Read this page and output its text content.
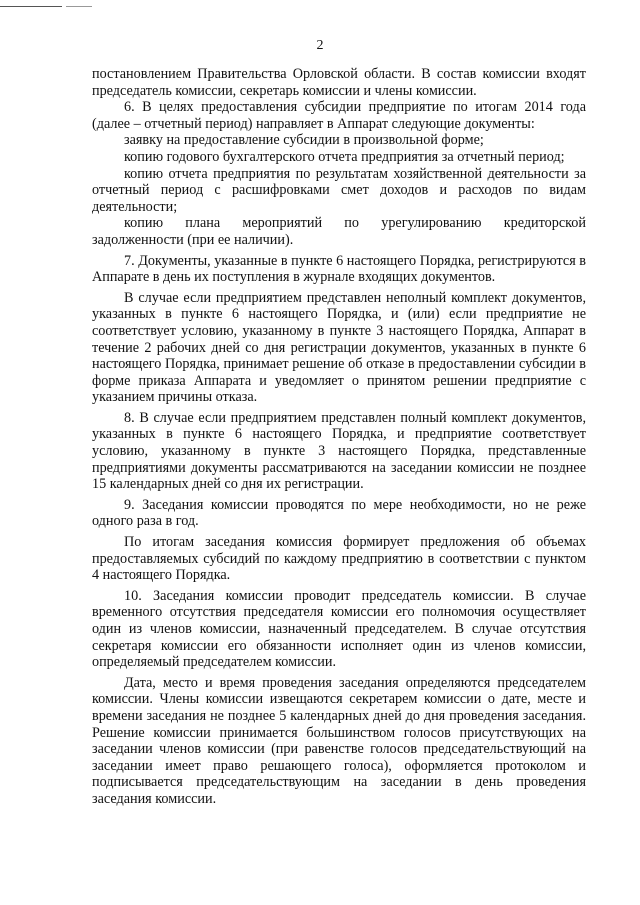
2

постановлением Правительства Орловской области. В состав комиссии входят председатель комиссии, секретарь комиссии и члены комиссии.

6. В целях предоставления субсидии предприятие по итогам 2014 года (далее – отчетный период) направляет в Аппарат следующие документы:

заявку на предоставление субсидии в произвольной форме;

копию годового бухгалтерского отчета предприятия за отчетный период;

копию отчета предприятия по результатам хозяйственной деятельности за отчетный период с расшифровками смет доходов и расходов по видам деятельности;

копию плана мероприятий по урегулированию кредиторской задолженности (при ее наличии).

7. Документы, указанные в пункте 6 настоящего Порядка, регистрируются в Аппарате в день их поступления в журнале входящих документов.

В случае если предприятием представлен неполный комплект документов, указанных в пункте 6 настоящего Порядка, и (или) если предприятие не соответствует условию, указанному в пункте 3 настоящего Порядка, Аппарат в течение 2 рабочих дней со дня регистрации документов, указанных в пункте 6 настоящего Порядка, принимает решение об отказе в предоставлении субсидии в форме приказа Аппарата и уведомляет о принятом решении предприятие с указанием причины отказа.

8. В случае если предприятием представлен полный комплект документов, указанных в пункте 6 настоящего Порядка, и предприятие соответствует условию, указанному в пункте 3 настоящего Порядка, представленные предприятиями документы рассматриваются на заседании комиссии не позднее 15 календарных дней со дня их регистрации.

9. Заседания комиссии проводятся по мере необходимости, но не реже одного раза в год.

По итогам заседания комиссия формирует предложения об объемах предоставляемых субсидий по каждому предприятию в соответствии с пунктом 4 настоящего Порядка.

10. Заседания комиссии проводит председатель комиссии. В случае временного отсутствия председателя комиссии его полномочия осуществляет один из членов комиссии, назначенный председателем. В случае отсутствия секретаря комиссии его обязанности исполняет один из членов комиссии, определяемый председателем комиссии.

Дата, место и время проведения заседания определяются председателем комиссии. Члены комиссии извещаются секретарем комиссии о дате, месте и времени заседания не позднее 5 календарных дней до дня проведения заседания. Решение комиссии принимается большинством голосов присутствующих на заседании членов комиссии (при равенстве голосов председательствующий на заседании имеет право решающего голоса), оформляется протоколом и подписывается председательствующим на заседании в день проведения заседания комиссии.
